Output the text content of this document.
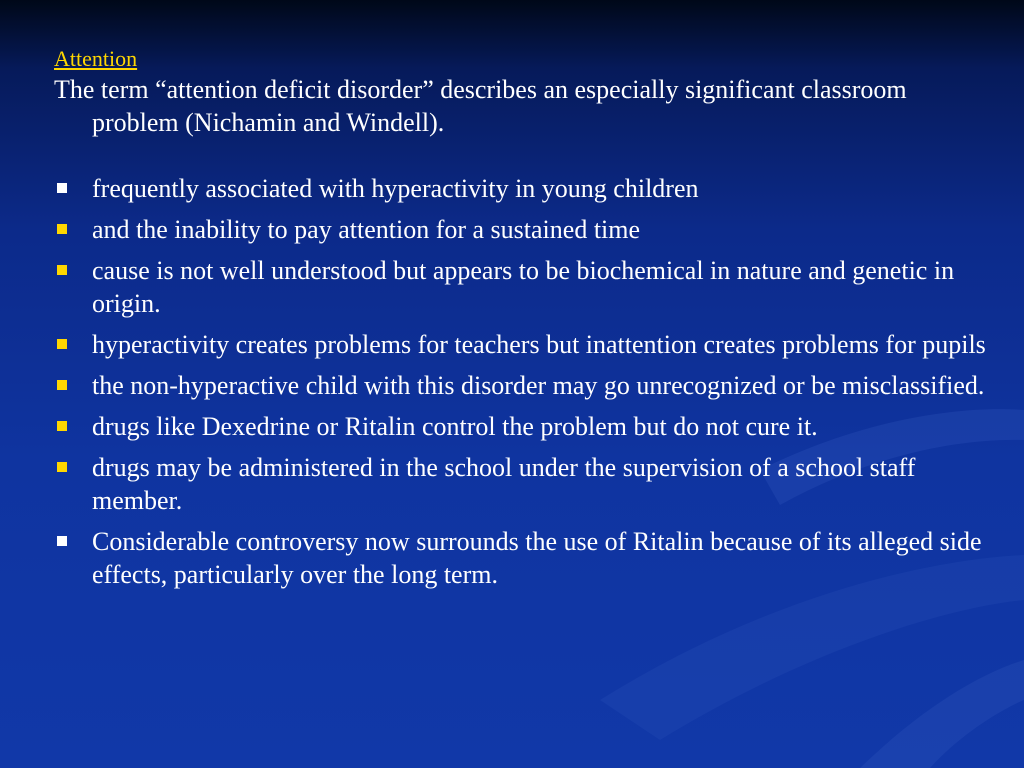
Attention
The term “attention deficit disorder” describes an especially significant classroom problem (Nichamin and Windell).
frequently associated with hyperactivity in young children
and the inability to pay attention for a sustained time
cause is not well understood but appears to be biochemical in nature and genetic in origin.
hyperactivity creates problems for teachers but inattention creates problems for pupils
the non-hyperactive child with this disorder may go unrecognized or be misclassified.
drugs like Dexedrine or Ritalin control the problem but do not cure it.
drugs may be administered in the school under the supervision of a school staff member.
Considerable controversy now surrounds the use of Ritalin because of its alleged side effects, particularly over the long term.
